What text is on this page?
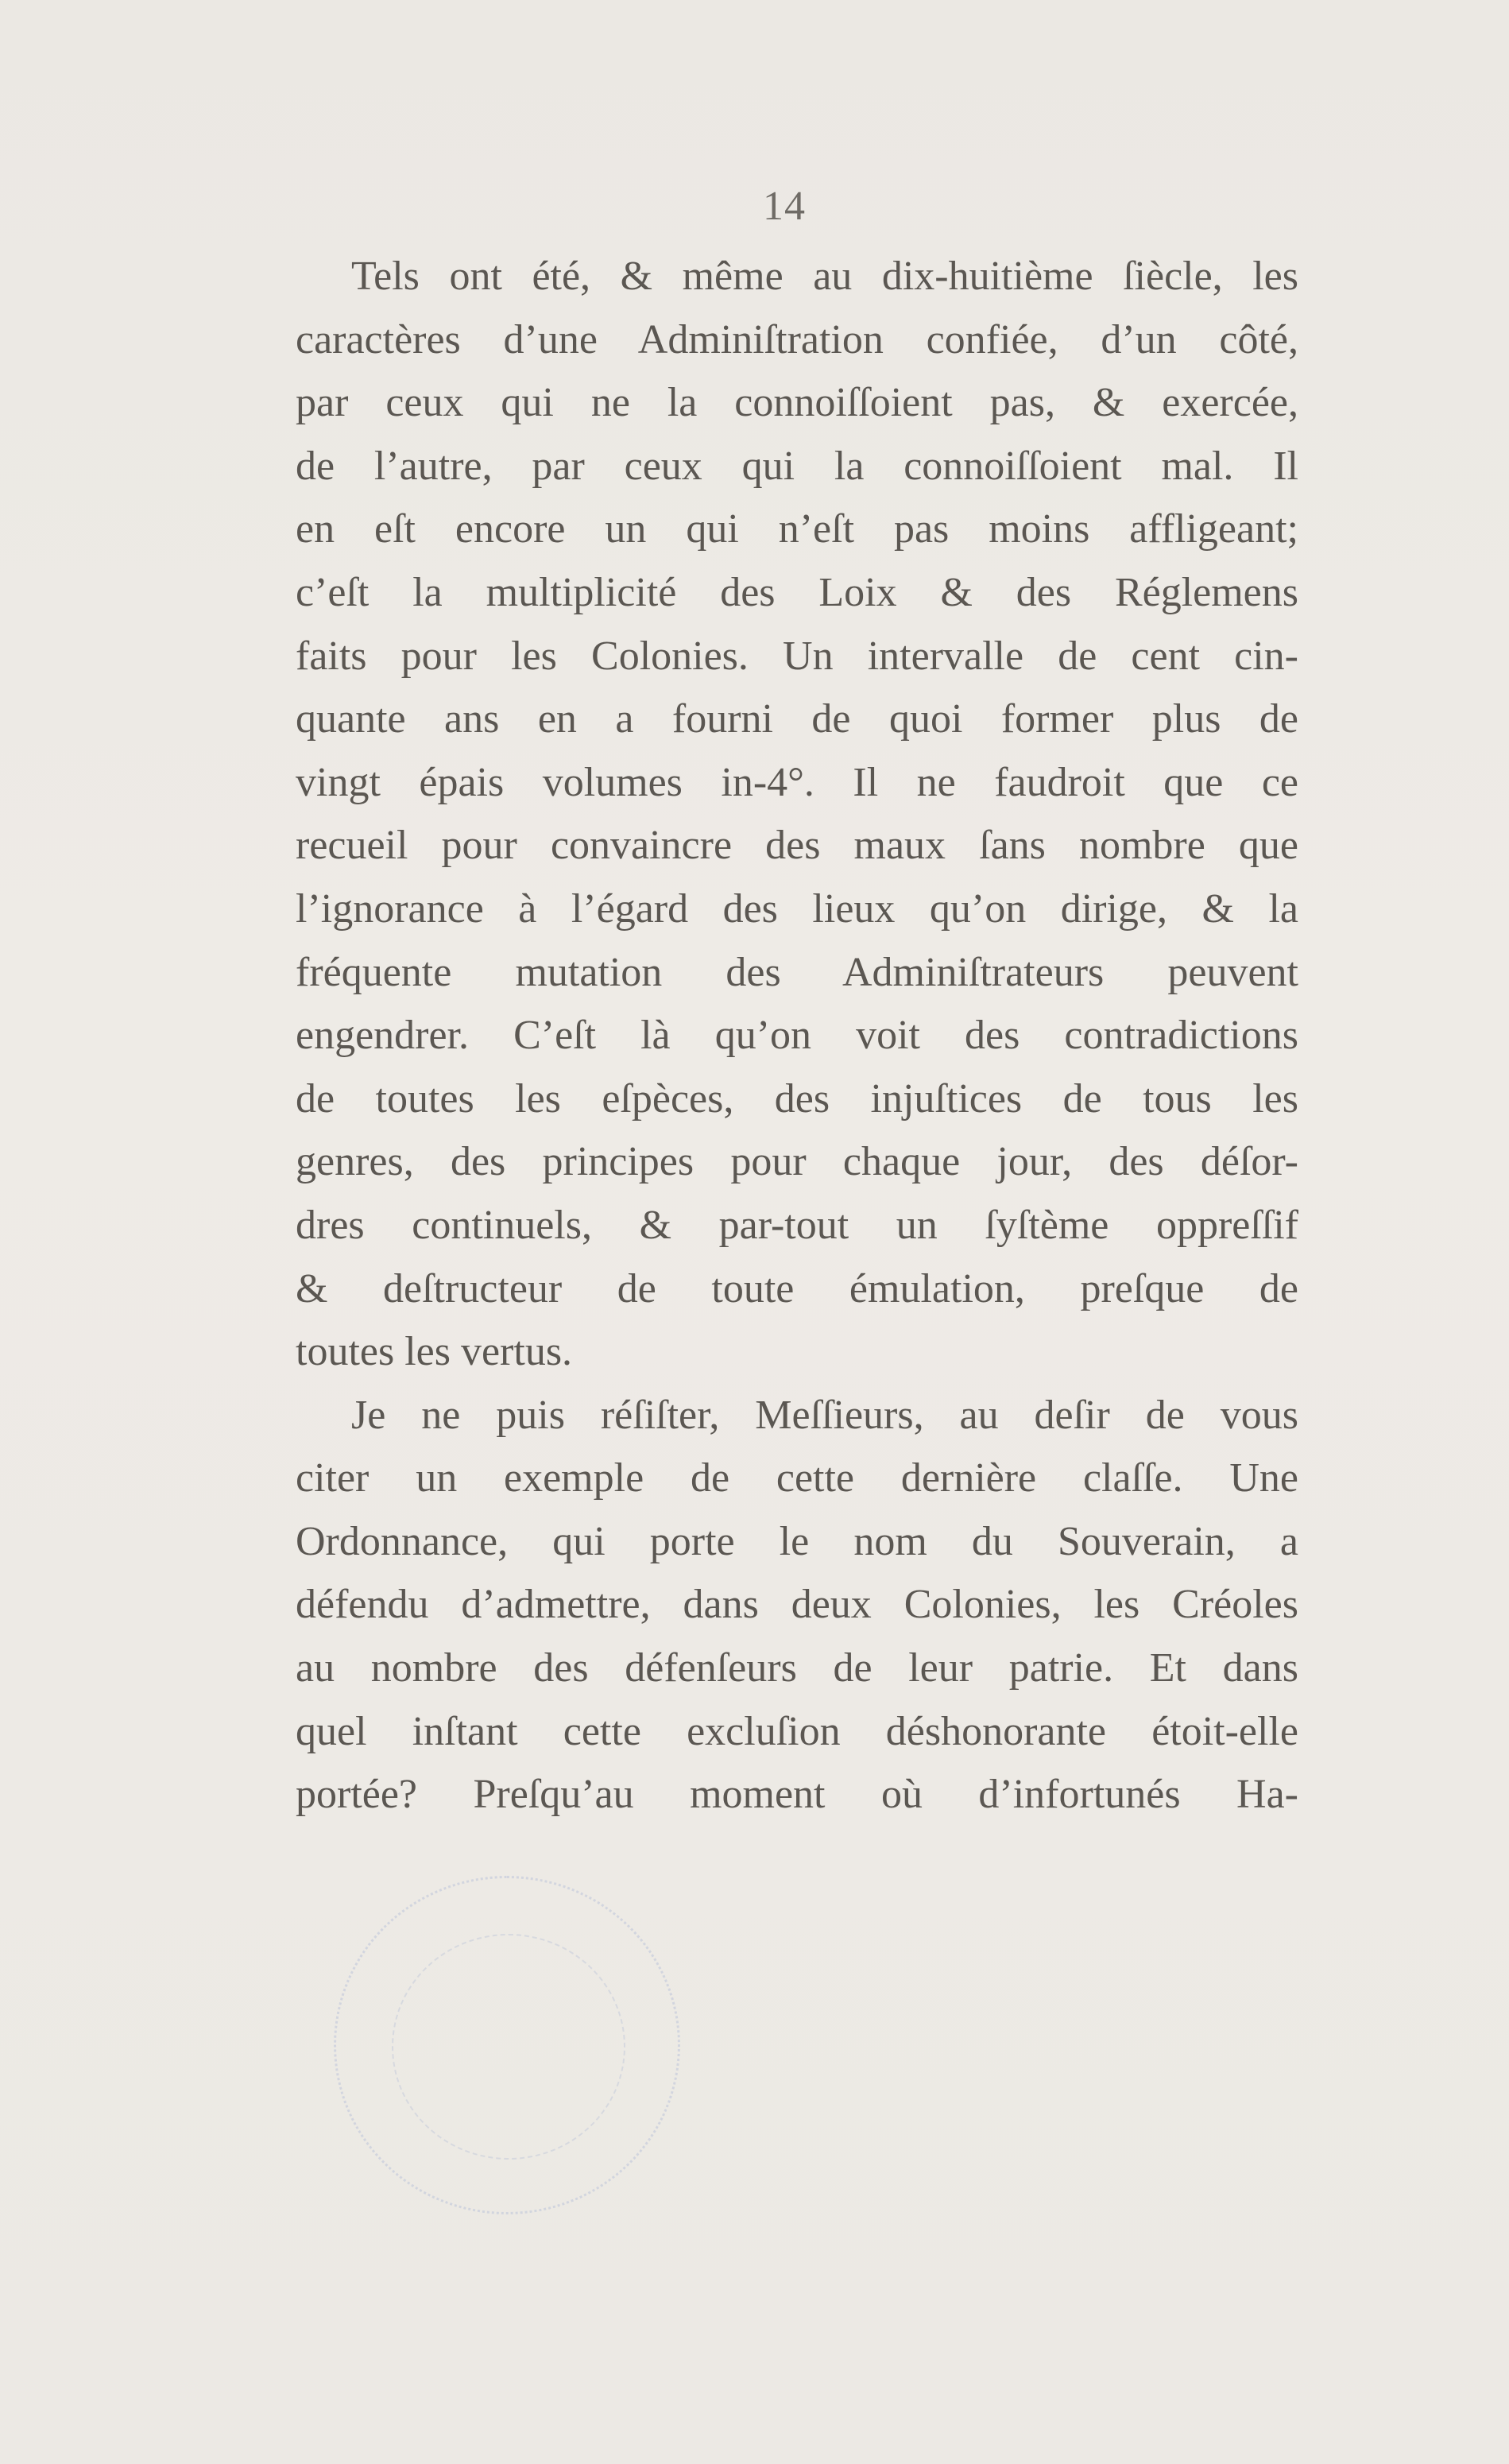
14
Tels ont été, & même au dix-huitième ſiècle, les
caractères d’une Adminiſtration confiée, d’un côté,
par ceux qui ne la connoiſſoient pas, & exercée,
de l’autre, par ceux qui la connoiſſoient mal. Il
en eſt encore un qui n’eſt pas moins affligeant;
c’eſt la multiplicité des Loix & des Réglemens
faits pour les Colonies. Un intervalle de cent cin-
quante ans en a fourni de quoi former plus de
vingt épais volumes in-4°. Il ne faudroit que ce
recueil pour convaincre des maux ſans nombre que
l’ignorance à l’égard des lieux qu’on dirige, & la
fréquente mutation des Adminiſtrateurs peuvent
engendrer. C’eſt là qu’on voit des contradictions
de toutes les eſpèces, des injuſtices de tous les
genres, des principes pour chaque jour, des déſor-
dres continuels, & par-tout un ſyſtème oppreſſif
& deſtructeur de toute émulation, preſque de
toutes les vertus.
Je ne puis réſiſter, Meſſieurs, au deſir de vous
citer un exemple de cette dernière claſſe. Une
Ordonnance, qui porte le nom du Souverain, a
défendu d’admettre, dans deux Colonies, les Créoles
au nombre des défenſeurs de leur patrie. Et dans
quel inſtant cette excluſion déshonorante étoit-elle
portée? Preſqu’au moment où d’infortunés Ha-
